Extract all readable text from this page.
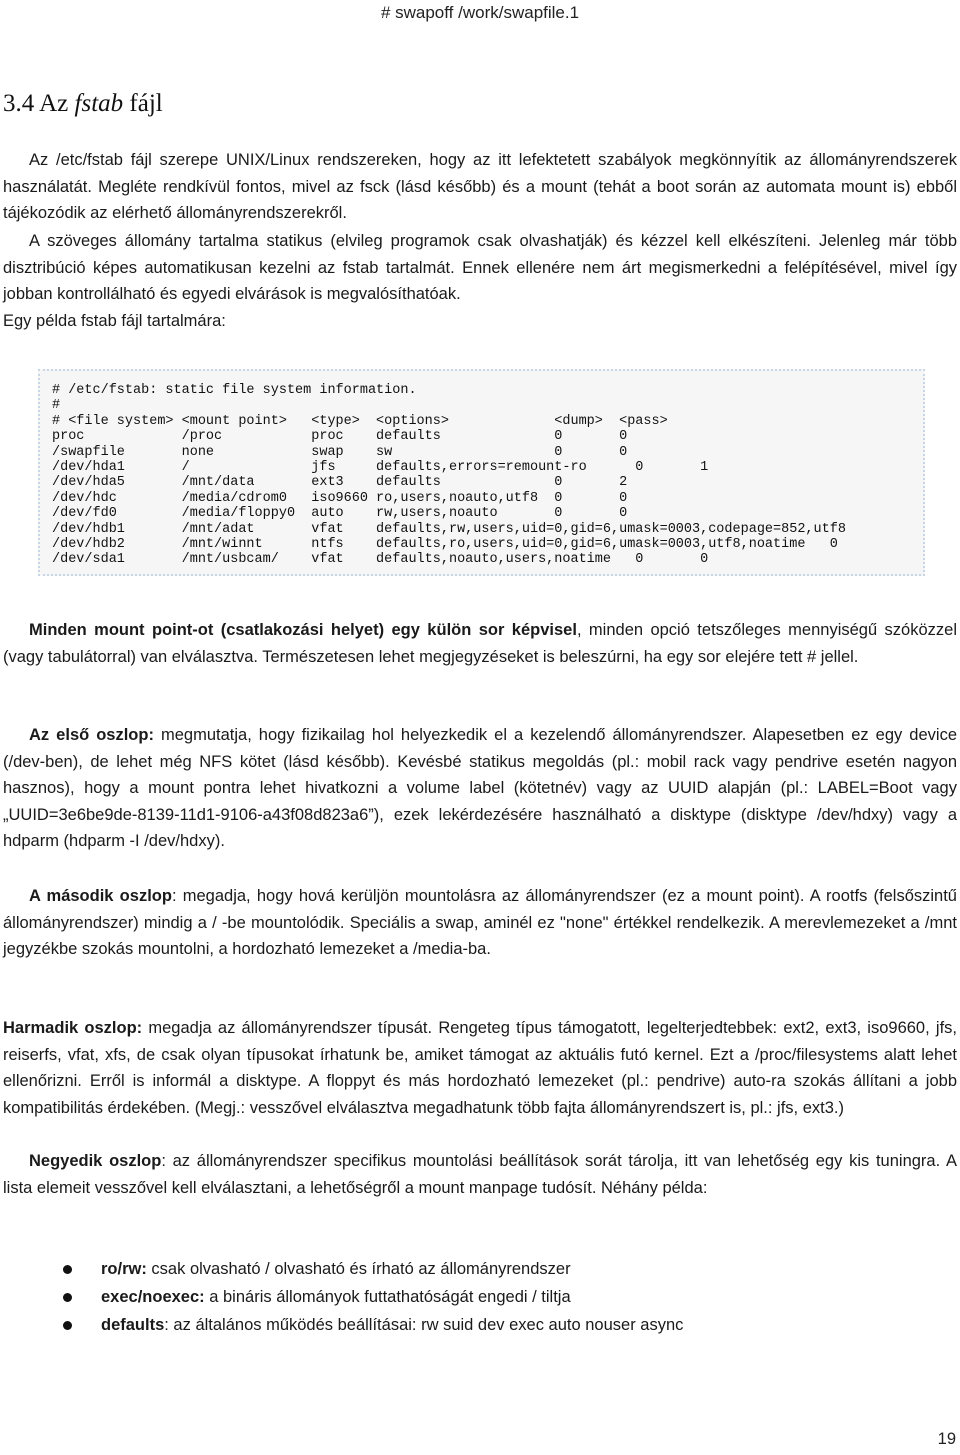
# swapoff /work/swapfile.1
3.4 Az fstab fájl

Az /etc/fstab fájl szerepe UNIX/Linux rendszereken, hogy az itt lefektetett szabályok megkönnyítik az állományrendszerek használatát. Megléte rendkívül fontos, mivel az fsck (lásd később) és a mount (tehát a boot során az automata mount is) ebből tájékozódik az elérhető állományrendszerekről.

A szöveges állomány tartalma statikus (elvileg programok csak olvashatják) és kézzel kell elkészíteni. Jelenleg már több disztribúció képes automatikusan kezelni az fstab tartalmát. Ennek ellenére nem árt megismerkedni a felépítésével, mivel így jobban kontrollálható és egyedi elvárások is megvalósíthatóak.

Egy példa fstab fájl tartalmára:

# /etc/fstab: static file system information.
#
# <file system> <mount point>   <type>  <options>             <dump>  <pass>
proc            /proc           proc    defaults              0       0
/swapfile       none            swap    sw                    0       0
/dev/hda1       /               jfs     defaults,errors=remount-ro      0       1
/dev/hda5       /mnt/data       ext3    defaults              0       2
/dev/hdc        /media/cdrom0   iso9660 ro,users,noauto,utf8  0       0
/dev/fd0        /media/floppy0  auto    rw,users,noauto       0       0
/dev/hdb1       /mnt/adat       vfat    defaults,rw,users,uid=0,gid=6,umask=0003,codepage=852,utf8
/dev/hdb2       /mnt/winnt      ntfs    defaults,ro,users,uid=0,gid=6,umask=0003,utf8,noatime   0
/dev/sda1       /mnt/usbcam/    vfat    defaults,noauto,users,noatime   0       0

Minden mount point-ot (csatlakozási helyet) egy külön sor képvisel, minden opció tetszőleges mennyiségű szóközzel (vagy tabulátorral) van elválasztva. Természetesen lehet megjegyzéseket is beleszúrni, ha egy sor elejére tett # jellel.

Az első oszlop: megmutatja, hogy fizikailag hol helyezkedik el a kezelendő állományrendszer. Alapesetben ez egy device (/dev-ben), de lehet még NFS kötet (lásd később). Kevésbé statikus megoldás (pl.: mobil rack vagy pendrive esetén nagyon hasznos), hogy a mount pontra lehet hivatkozni a volume label (kötetnév) vagy az UUID alapján (pl.: LABEL=Boot vagy „UUID=3e6be9de-8139-11d1-9106-a43f08d823a6”), ezek lekérdezésére használható a disktype (disktype /dev/hdxy) vagy a hdparm (hdparm -I /dev/hdxy).

A második oszlop: megadja, hogy hová kerüljön mountolásra az állományrendszer (ez a mount point). A rootfs (felsőszintű állományrendszer) mindig a / -be mountolódik. Speciális a swap, aminél ez "none" értékkel rendelkezik. A merevlemezeket a /mnt jegyzékbe szokás mountolni, a hordozható lemezeket a /media-ba.

Harmadik oszlop: megadja az állományrendszer típusát. Rengeteg típus támogatott, legelterjedtebbek: ext2, ext3, iso9660, jfs, reiserfs, vfat, xfs, de csak olyan típusokat írhatunk be, amiket támogat az aktuális futó kernel. Ezt a /proc/filesystems alatt lehet ellenőrizni. Erről is informál a disktype. A floppyt és más hordozható lemezeket (pl.: pendrive) auto-ra szokás állítani a jobb kompatibilitás érdekében. (Megj.: vesszővel elválasztva megadhatunk több fajta állományrendszert is, pl.: jfs, ext3.)

Negyedik oszlop: az állományrendszer specifikus mountolási beállítások sorát tárolja, itt van lehetőség egy kis tuningra. A lista elemeit vesszővel kell elválasztani, a lehetőségről a mount manpage tudósít. Néhány példa:

ro/rw: csak olvasható / olvasható és írható az állományrendszer
exec/noexec: a bináris állományok futtathatóságát engedi / tiltja
defaults: az általános működés beállításai: rw suid dev exec auto nouser async
19
